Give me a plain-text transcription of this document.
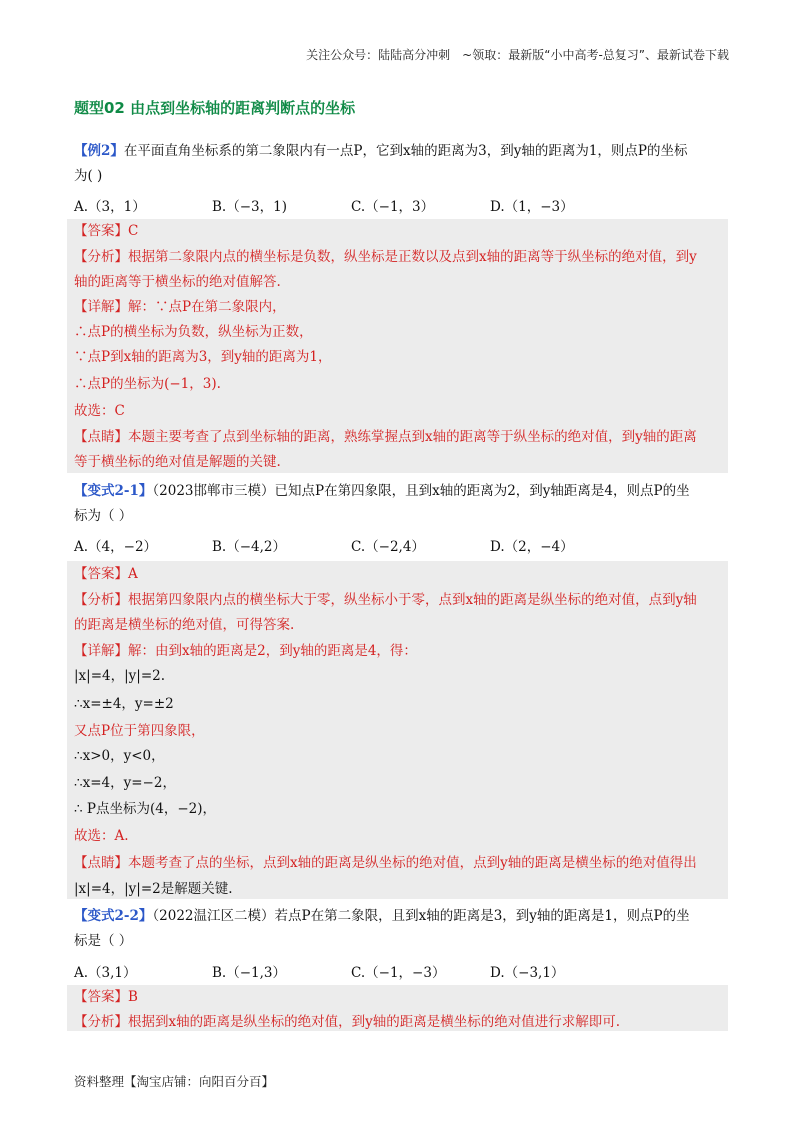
关注公众号：陆陆高分冲刺　~领取：最新版“小中高考-总复习”、最新试卷下载
题型02 由点到坐标轴的距离判断点的坐标
【例2】在平面直角坐标系的第二象限内有一点P，它到x轴的距离为3，到y轴的距离为1，则点P的坐标
为( )
A.（3，1）	B.（−3，1)	C.（−1，3）	D.（1，−3）
【答案】C
【分析】根据第二象限内点的横坐标是负数，纵坐标是正数以及点到x轴的距离等于纵坐标的绝对值，到y
轴的距离等于横坐标的绝对值解答.
【详解】解：∵点P在第二象限内，
∴点P的横坐标为负数，纵坐标为正数，
∵点P到x轴的距离为3，到y轴的距离为1，
∴点P的坐标为(−1，3).
故选：C
【点睛】本题主要考查了点到坐标轴的距离，熟练掌握点到x轴的距离等于纵坐标的绝对值，到y轴的距离
等于横坐标的绝对值是解题的关键.
【变式2-1】（2023邯郸市三模）已知点P在第四象限，且到x轴的距离为2，到y轴距离是4，则点P的坐
标为（ ）
A.（4，−2）	B.（−4,2）	C.（−2,4）	D.（2，−4）
【答案】A
【分析】根据第四象限内点的横坐标大于零，纵坐标小于零，点到x轴的距离是纵坐标的绝对值，点到y轴
的距离是横坐标的绝对值，可得答案.
【详解】解：由到x轴的距离是2，到y轴的距离是4，得：
|x|=4，|y|=2.
∴x=±4，y=±2
又点P位于第四象限，
∴x>0，y<0，
∴x=4，y=−2，
∴ P点坐标为(4，−2)，
故选：A.
【点睛】本题考查了点的坐标，点到x轴的距离是纵坐标的绝对值，点到y轴的距离是横坐标的绝对值得出
|x|=4，|y|=2是解题关键.
【变式2-2】（2022温江区二模）若点P在第二象限，且到x轴的距离是3，到y轴的距离是1，则点P的坐
标是（ ）
A.（3,1）	B.（−1,3）	C.（−1，−3）	D.（−3,1）
【答案】B
【分析】根据到x轴的距离是纵坐标的绝对值，到y轴的距离是横坐标的绝对值进行求解即可.
资料整理【淘宝店铺：向阳百分百】
